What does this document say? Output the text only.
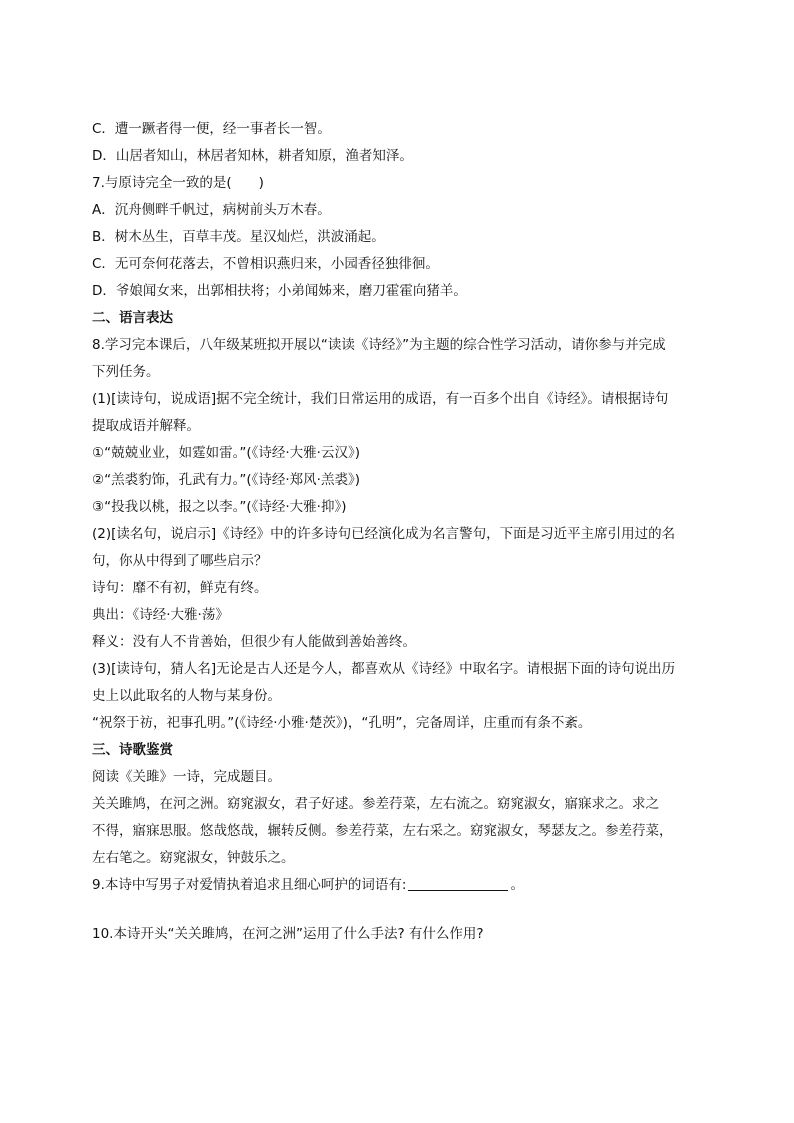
C．遭一蹶者得一便，经一事者长一智。
D．山居者知山，林居者知林，耕者知原，渔者知泽。
7.与原诗完全一致的是(　　)
A．沉舟侧畔千帆过，病树前头万木春。
B．树木丛生，百草丰茂。星汉灿烂，洪波涌起。
C．无可奈何花落去，不曾相识燕归来，小园香径独徘徊。
D．爷娘闻女来，出郭相扶将；小弟闻姊来，磨刀霍霍向猪羊。
二、语言表达
8.学习完本课后，八年级某班拟开展以“读读《诗经》”为主题的综合性学习活动，请你参与并完成
下列任务。
(1)[读诗句，说成语]据不完全统计，我们日常运用的成语，有一百多个出自《诗经》。请根据诗句
提取成语并解释。
①“兢兢业业，如霆如雷。”(《诗经·大雅·云汉》)
②“羔裘豹饰，孔武有力。”(《诗经·郑风·羔裘》)
③“投我以桃，报之以李。”(《诗经·大雅·抑》)
(2)[读名句，说启示]《诗经》中的许多诗句已经演化成为名言警句，下面是习近平主席引用过的名
句，你从中得到了哪些启示？
诗句：靡不有初，鲜克有终。
典出：《诗经·大雅·荡》
释义：没有人不肯善始，但很少有人能做到善始善终。
(3)[读诗句，猜人名]无论是古人还是今人，都喜欢从《诗经》中取名字。请根据下面的诗句说出历
史上以此取名的人物与某身份。
“祝祭于祊，祀事孔明。”(《诗经·小雅·楚茨》)，“孔明”，完备周详，庄重而有条不紊。
三、诗歌鉴赏
阅读《关雎》一诗，完成题目。
关关雎鸠，在河之洲。窈窕淑女，君子好逑。参差荇菜，左右流之。窈窕淑女，寤寐求之。求之
不得，寤寐思服。悠哉悠哉，辗转反侧。参差荇菜，左右采之。窈窕淑女，琴瑟友之。参差荇菜，
左右笔之。窈窕淑女，钟鼓乐之。
9.本诗中写男子对爱情执着追求且细心呵护的词语有:	。
10.本诗开头“关关雎鸠，在河之洲”运用了什么手法? 有什么作用?
